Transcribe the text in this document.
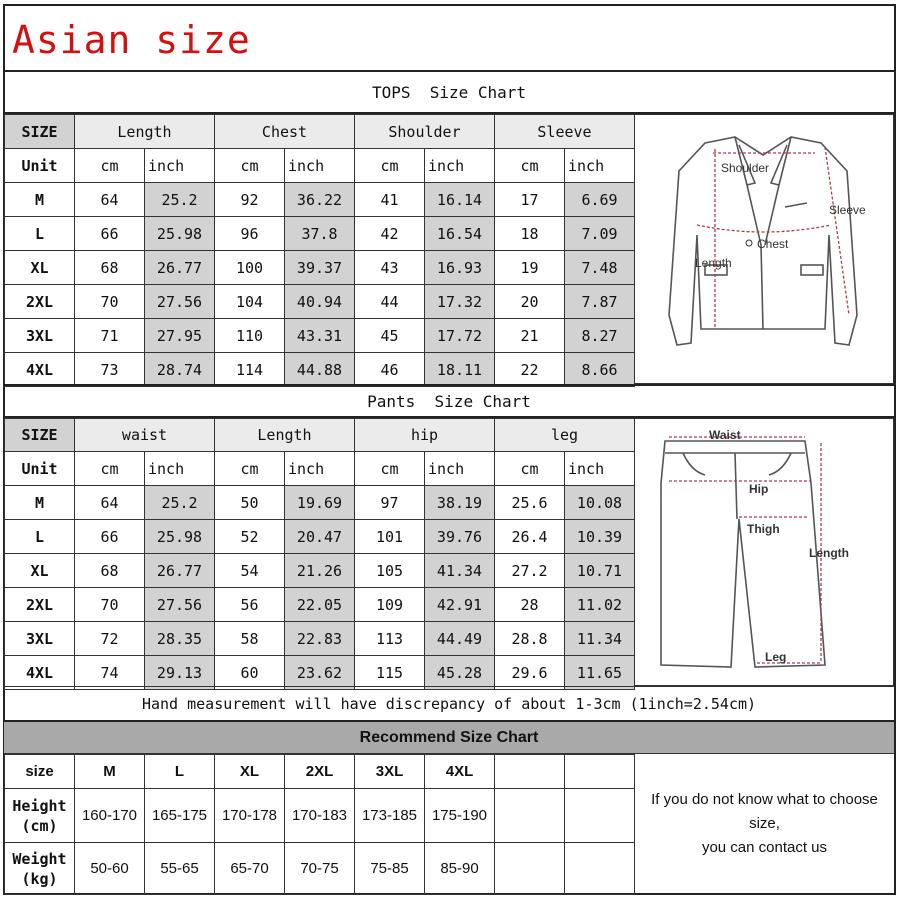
Asian size
TOPS  Size Chart
SIZE	Length		Chest		Shoulder		Sleeve	
Unit	cm	inch	cm	inch	cm	inch	cm	inch
M	64	25.2	92	36.22	41	16.14	17	6.69
L	66	25.98	96	37.8	42	16.54	18	7.09
XL	68	26.77	100	39.37	43	16.93	19	7.48
2XL	70	27.56	104	40.94	44	17.32	20	7.87
3XL	71	27.95	110	43.31	45	17.72	21	8.27
4XL	73	28.74	114	44.88	46	18.11	22	8.66
Shoulder
Sleeve
Chest
Length
Pants  Size Chart
SIZE	waist		Length		hip		leg	
Unit	cm	inch	cm	inch	cm	inch	cm	inch
M	64	25.2	50	19.69	97	38.19	25.6	10.08
L	66	25.98	52	20.47	101	39.76	26.4	10.39
XL	68	26.77	54	21.26	105	41.34	27.2	10.71
2XL	70	27.56	56	22.05	109	42.91	28	11.02
3XL	72	28.35	58	22.83	113	44.49	28.8	11.34
4XL	74	29.13	60	23.62	115	45.28	29.6	11.65
Waist
Hip
Thigh
Length
Leg
Hand measurement will have discrepancy of about 1-3cm (1inch=2.54cm)
Recommend Size Chart
size	M	L	XL	2XL	3XL	4XL		

Height
(cm)	160-170	165-175	170-178	170-183	173-185	175-190		

Weight
(kg)	50-60	55-65	65-70	70-75	75-85	85-90		
If you do not know what to choose size,
you can contact us
